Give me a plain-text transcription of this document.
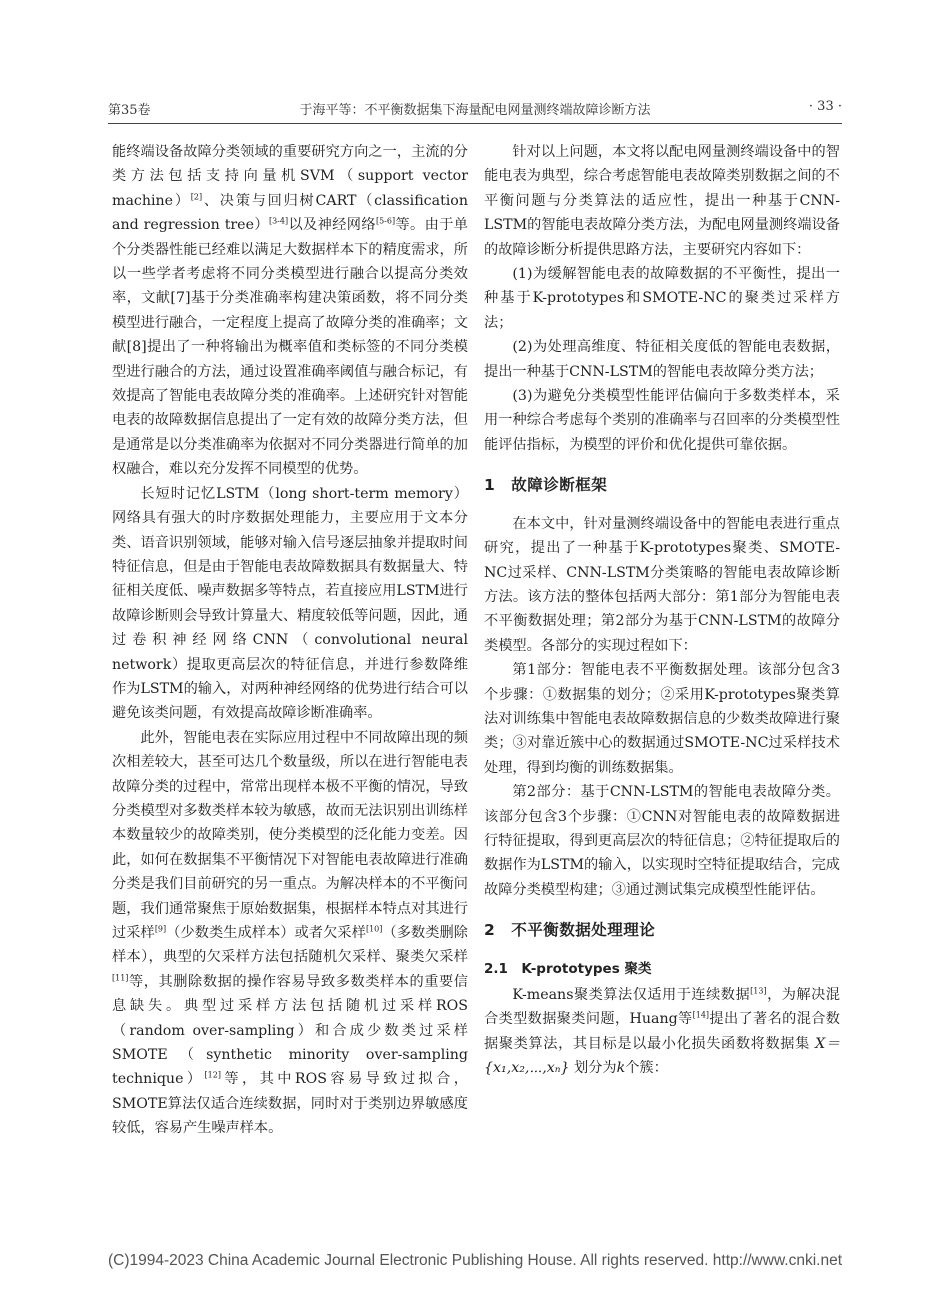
第35卷	于海平等：不平衡数据集下海量配电网量测终端故障诊断方法	· 33 ·

能终端设备故障分类领域的重要研究方向之一，主流的分类方法包括支持向量机SVM（support vector machine）[2]、决策与回归树CART（classification and regression tree）[3-4]以及神经网络[5-6]等。由于单个分类器性能已经难以满足大数据样本下的精度需求，所以一些学者考虑将不同分类模型进行融合以提高分类效率，文献[7]基于分类准确率构建决策函数，将不同分类模型进行融合，一定程度上提高了故障分类的准确率；文献[8]提出了一种将输出为概率值和类标签的不同分类模型进行融合的方法，通过设置准确率阈值与融合标记，有效提高了智能电表故障分类的准确率。上述研究针对智能电表的故障数据信息提出了一定有效的故障分类方法，但是通常是以分类准确率为依据对不同分类器进行简单的加权融合，难以充分发挥不同模型的优势。

长短时记忆LSTM（long short-term memory）网络具有强大的时序数据处理能力，主要应用于文本分类、语音识别领域，能够对输入信号逐层抽象并提取时间特征信息，但是由于智能电表故障数据具有数据量大、特征相关度低、噪声数据多等特点，若直接应用LSTM进行故障诊断则会导致计算量大、精度较低等问题，因此，通过卷积神经网络CNN（convolutional neural network）提取更高层次的特征信息，并进行参数降维作为LSTM的输入，对两种神经网络的优势进行结合可以避免该类问题，有效提高故障诊断准确率。

此外，智能电表在实际应用过程中不同故障出现的频次相差较大，甚至可达几个数量级，所以在进行智能电表故障分类的过程中，常常出现样本极不平衡的情况，导致分类模型对多数类样本较为敏感，故而无法识别出训练样本数量较少的故障类别，使分类模型的泛化能力变差。因此，如何在数据集不平衡情况下对智能电表故障进行准确分类是我们目前研究的另一重点。为解决样本的不平衡问题，我们通常聚焦于原始数据集，根据样本特点对其进行过采样[9]（少数类生成样本）或者欠采样[10]（多数类删除样本），典型的欠采样方法包括随机欠采样、聚类欠采样[11]等，其删除数据的操作容易导致多数类样本的重要信息缺失。典型过采样方法包括随机过采样ROS（random over-sampling）和合成少数类过采样SMOTE（synthetic minority over-sampling technique）[12]等，其中ROS容易导致过拟合，SMOTE算法仅适合连续数据，同时对于类别边界敏感度较低，容易产生噪声样本。

针对以上问题，本文将以配电网量测终端设备中的智能电表为典型，综合考虑智能电表故障类别数据之间的不平衡问题与分类算法的适应性，提出一种基于CNN-LSTM的智能电表故障分类方法，为配电网量测终端设备的故障诊断分析提供思路方法，主要研究内容如下：

(1)为缓解智能电表的故障数据的不平衡性，提出一种基于K-prototypes和SMOTE-NC的聚类过采样方法；

(2)为处理高维度、特征相关度低的智能电表数据，提出一种基于CNN-LSTM的智能电表故障分类方法；

(3)为避免分类模型性能评估偏向于多数类样本，采用一种综合考虑每个类别的准确率与召回率的分类模型性能评估指标，为模型的评价和优化提供可靠依据。

1　故障诊断框架

在本文中，针对量测终端设备中的智能电表进行重点研究，提出了一种基于K-prototypes聚类、SMOTE-NC过采样、CNN-LSTM分类策略的智能电表故障诊断方法。该方法的整体包括两大部分：第1部分为智能电表不平衡数据处理；第2部分为基于CNN-LSTM的故障分类模型。各部分的实现过程如下：

第1部分：智能电表不平衡数据处理。该部分包含3个步骤：①数据集的划分；②采用K-prototypes聚类算法对训练集中智能电表故障数据信息的少数类故障进行聚类；③对靠近簇中心的数据通过SMOTE-NC过采样技术处理，得到均衡的训练数据集。

第2部分：基于CNN-LSTM的智能电表故障分类。该部分包含3个步骤：①CNN对智能电表的故障数据进行特征提取，得到更高层次的特征信息；②特征提取后的数据作为LSTM的输入，以实现时空特征提取结合，完成故障分类模型构建；③通过测试集完成模型性能评估。

2　不平衡数据处理理论
2.1　K-prototypes 聚类

K-means聚类算法仅适用于连续数据[13]，为解决混合类型数据聚类问题，Huang等[14]提出了著名的混合数据聚类算法，其目标是以最小化损失函数将数据集 X＝{x₁,x₂,⋯,xₙ} 划分为k个簇：

(C)1994-2023 China Academic Journal Electronic Publishing House. All rights reserved. http://www.cnki.net
